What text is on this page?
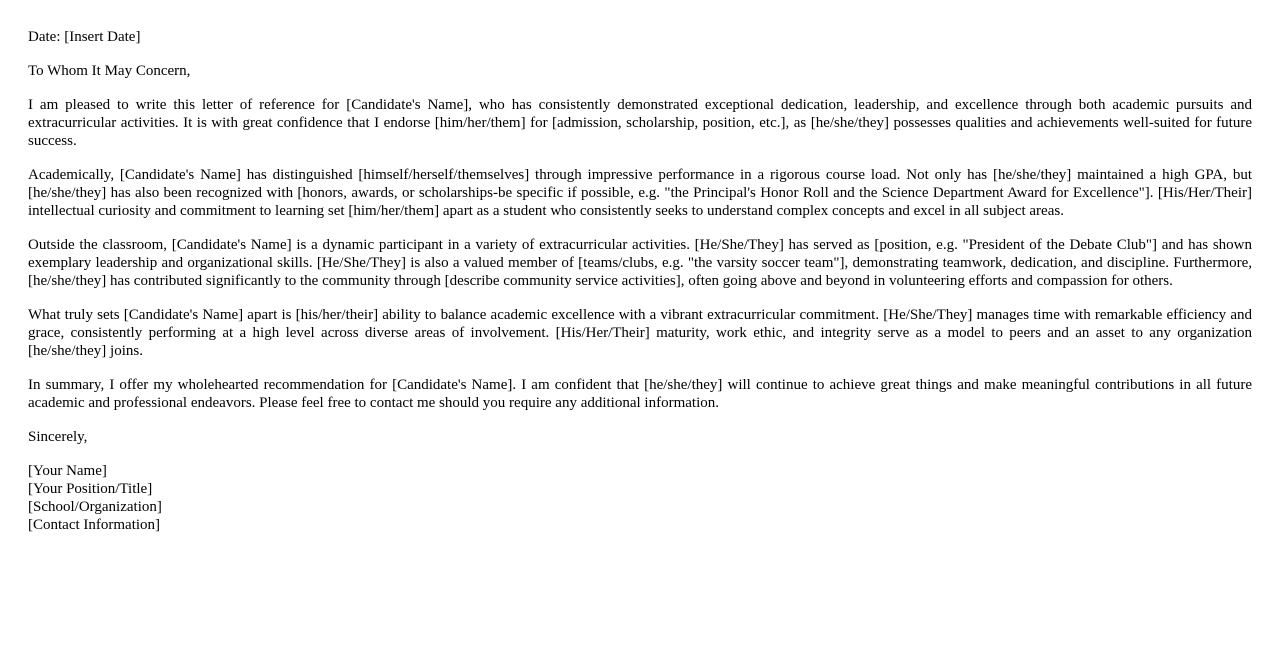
Date: [Insert Date]

To Whom It May Concern,

I am pleased to write this letter of reference for [Candidate's Name], who has consistently demonstrated exceptional dedication, leadership, and excellence through both academic pursuits and extracurricular activities. It is with great confidence that I endorse [him/her/them] for [admission, scholarship, position, etc.], as [he/she/they] possesses qualities and achievements well-suited for future success.

Academically, [Candidate's Name] has distinguished [himself/herself/themselves] through impressive performance in a rigorous course load. Not only has [he/she/they] maintained a high GPA, but [he/she/they] has also been recognized with [honors, awards, or scholarships-be specific if possible, e.g. "the Principal's Honor Roll and the Science Department Award for Excellence"]. [His/Her/Their] intellectual curiosity and commitment to learning set [him/her/them] apart as a student who consistently seeks to understand complex concepts and excel in all subject areas.

Outside the classroom, [Candidate's Name] is a dynamic participant in a variety of extracurricular activities. [He/She/They] has served as [position, e.g. "President of the Debate Club"] and has shown exemplary leadership and organizational skills. [He/She/They] is also a valued member of [teams/clubs, e.g. "the varsity soccer team"], demonstrating teamwork, dedication, and discipline. Furthermore, [he/she/they] has contributed significantly to the community through [describe community service activities], often going above and beyond in volunteering efforts and compassion for others.

What truly sets [Candidate's Name] apart is [his/her/their] ability to balance academic excellence with a vibrant extracurricular commitment. [He/She/They] manages time with remarkable efficiency and grace, consistently performing at a high level across diverse areas of involvement. [His/Her/Their] maturity, work ethic, and integrity serve as a model to peers and an asset to any organization [he/she/they] joins.

In summary, I offer my wholehearted recommendation for [Candidate's Name]. I am confident that [he/she/they] will continue to achieve great things and make meaningful contributions in all future academic and professional endeavors. Please feel free to contact me should you require any additional information.

Sincerely,

[Your Name]
[Your Position/Title]
[School/Organization]
[Contact Information]
